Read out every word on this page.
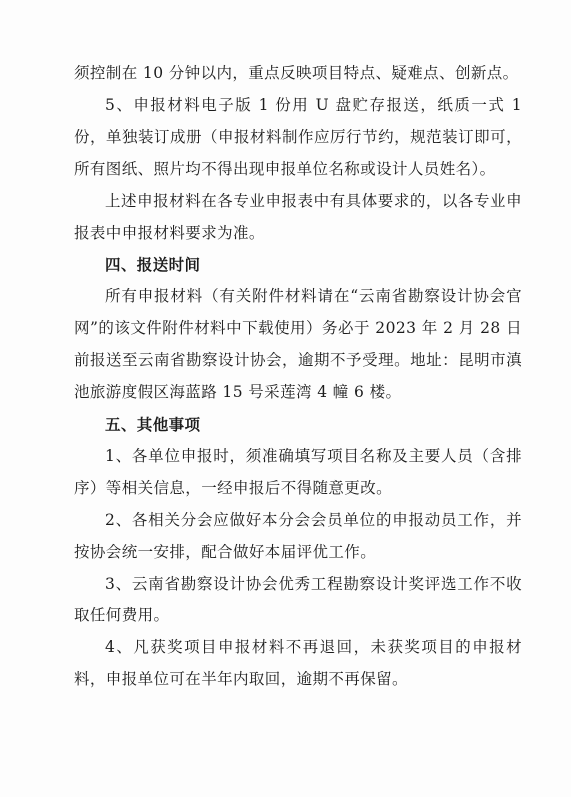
须控制在 10 分钟以内，重点反映项目特点、疑难点、创新点。

5、申报材料电子版 1 份用 U 盘贮存报送，纸质一式 1 份，单独装订成册（申报材料制作应厉行节约，规范装订即可，所有图纸、照片均不得出现申报单位名称或设计人员姓名）。

上述申报材料在各专业申报表中有具体要求的，以各专业申报表中申报材料要求为准。

四、报送时间

所有申报材料（有关附件材料请在“云南省勘察设计协会官网”的该文件附件材料中下载使用）务必于 2023 年 2 月 28 日前报送至云南省勘察设计协会，逾期不予受理。地址：昆明市滇池旅游度假区海蓝路 15 号采莲湾 4 幢 6 楼。

五、其他事项

1、各单位申报时，须准确填写项目名称及主要人员（含排序）等相关信息，一经申报后不得随意更改。

2、各相关分会应做好本分会会员单位的申报动员工作，并按协会统一安排，配合做好本届评优工作。

3、云南省勘察设计协会优秀工程勘察设计奖评选工作不收取任何费用。

4、凡获奖项目申报材料不再退回，未获奖项目的申报材料，申报单位可在半年内取回，逾期不再保留。
